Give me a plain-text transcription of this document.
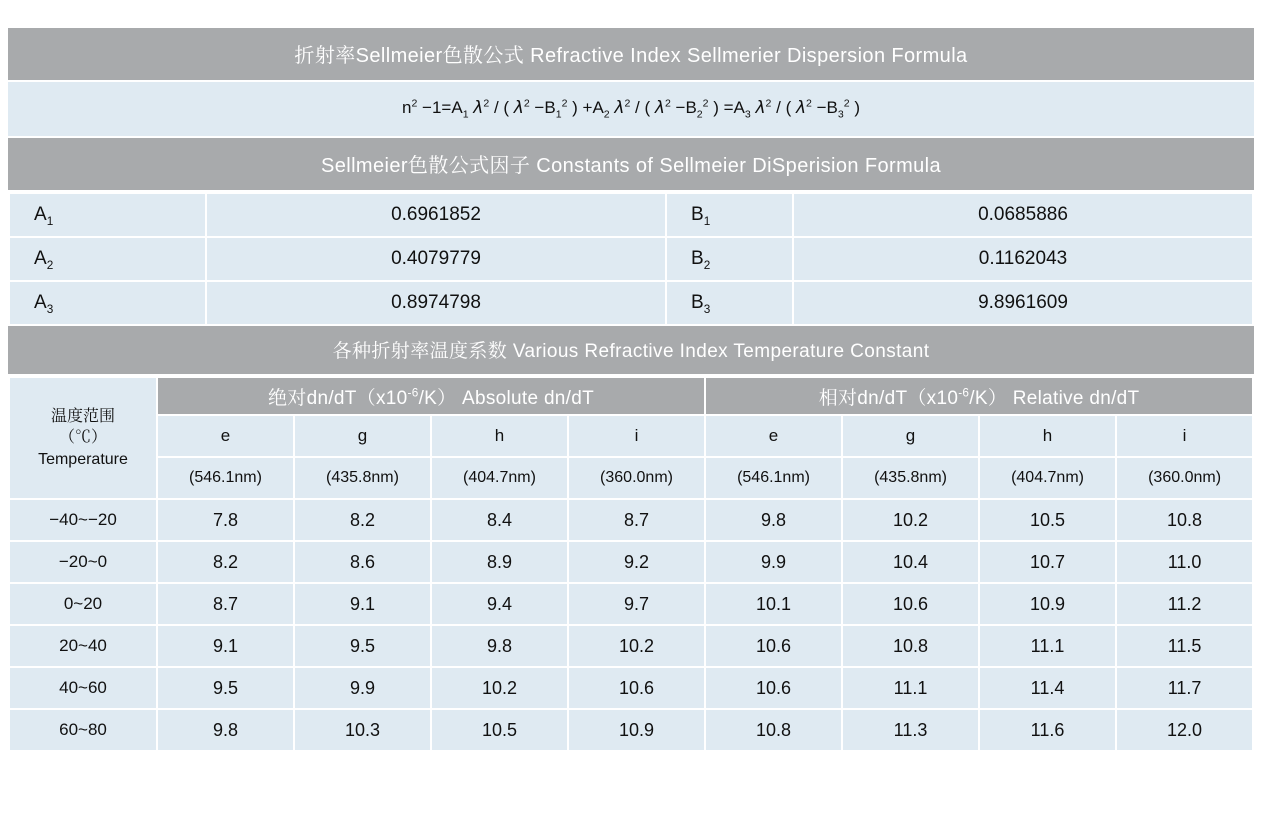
折射率Sellmeier色散公式 Refractive Index Sellmerier Dispersion Formula
$n^2 -1=A_1$ $\lambda^2$ / ( $\lambda^2 -B_1^2$ ) $+A_2$ $\lambda^2$ / ( $\lambda^2 -B_2^2$ ) $=A_3$ $\lambda^2$ / ( $\lambda^2 -B_3^2$ )
Sellmeier色散公式因子 Constants of Sellmeier DiSperision Formula
$A_1$	0.6961852	$B_1$	0.0685886
$A_2$	0.4079779	$B_2$	0.1162043
$A_3$	0.8974798	$B_3$	9.8961609
各种折射率温度系数 Various Refractive Index Temperature Constant
温度范围
（℃）
Temperature	绝对$dn/dT(x10^{-6}/K)$ Absolute dn/dT				相对$dn/dT(x10^{-6}/K)$ Relative dn/dT			
	e	g	h	i	e	g	h	i
	(546.1nm)	(435.8nm)	(404.7nm)	(360.0nm)	(546.1nm)	(435.8nm)	(404.7nm)	(360.0nm)
−40~−20	7.8	8.2	8.4	8.7	9.8	10.2	10.5	10.8
−20~0	8.2	8.6	8.9	9.2	9.9	10.4	10.7	11.0
0~20	8.7	9.1	9.4	9.7	10.1	10.6	10.9	11.2
20~40	9.1	9.5	9.8	10.2	10.6	10.8	11.1	11.5
40~60	9.5	9.9	10.2	10.6	10.6	11.1	11.4	11.7
60~80	9.8	10.3	10.5	10.9	10.8	11.3	11.6	12.0
